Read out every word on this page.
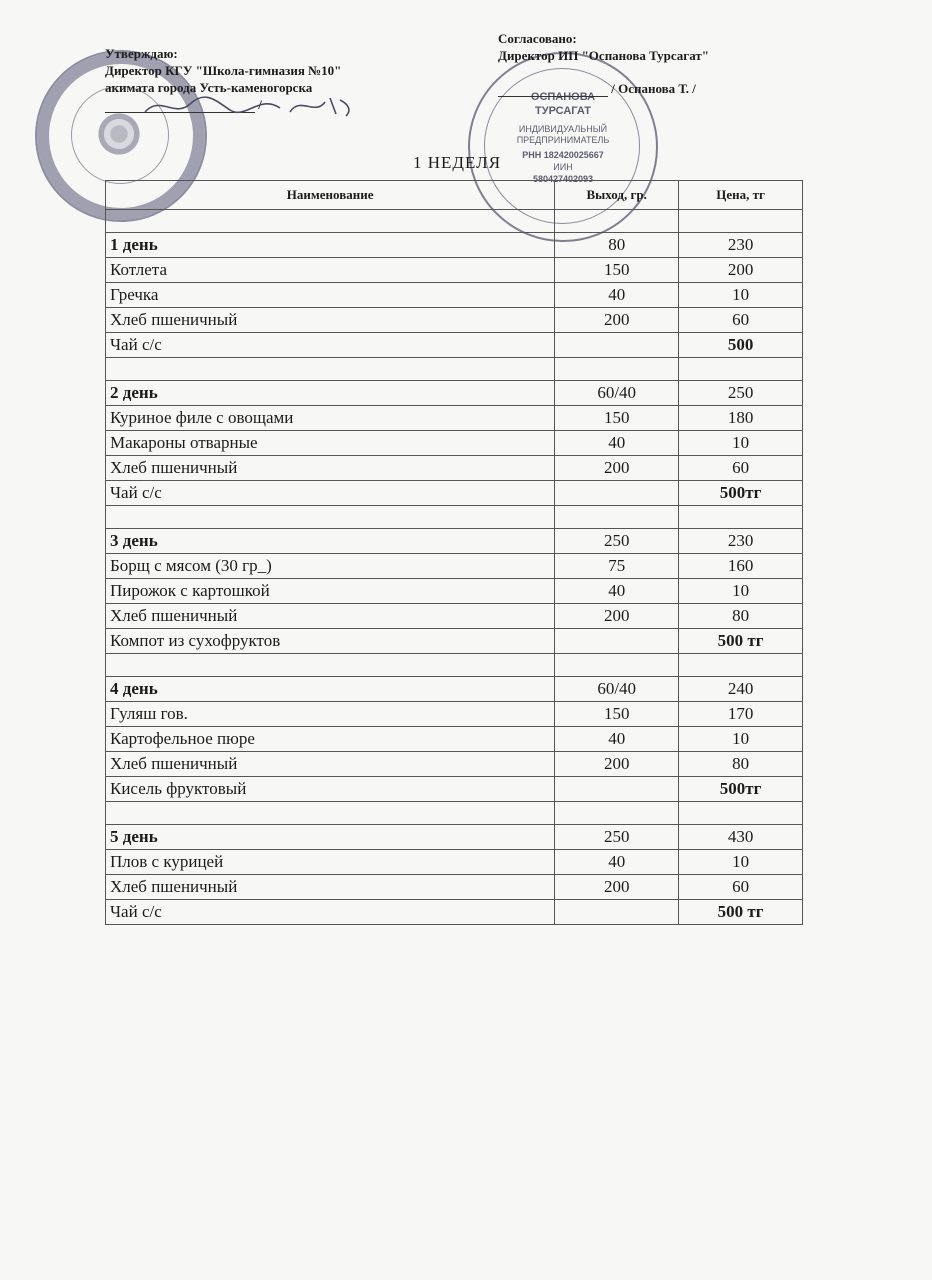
ОСПАНОВА
ТУРСАГАТ
ИНДИВИДУАЛЬНЫЙ
ПРЕДПРИНИМАТЕЛЬ
РНН 182420025667
ИИН
580427402093
Утверждаю:
Директор КГУ "Школа-гимназия №10"
акимата города Усть-каменогорска
/
Согласовано:
Директор ИП "Оспанова Турсагат"
/ Оспанова Т. /
1 НЕДЕЛЯ
Наименование	Выход, гр.	Цена, тг

1 день	80	230
Котлета	150	200
Гречка	40	10
Хлеб пшеничный	200	60
Чай с/с		500

2 день	60/40	250
Куриное филе с овощами	150	180
Макароны отварные	40	10
Хлеб пшеничный	200	60
Чай с/с		500тг

3 день	250	230
Борщ с мясом (30 гр_)	75	160
Пирожок с картошкой	40	10
Хлеб пшеничный	200	80
Компот из сухофруктов		500 тг

4 день	60/40	240
Гуляш гов.	150	170
Картофельное пюре	40	10
Хлеб пшеничный	200	80
Кисель фруктовый		500тг

5 день	250	430
Плов с курицей	40	10
Хлеб пшеничный	200	60
Чай с/с		500 тг
